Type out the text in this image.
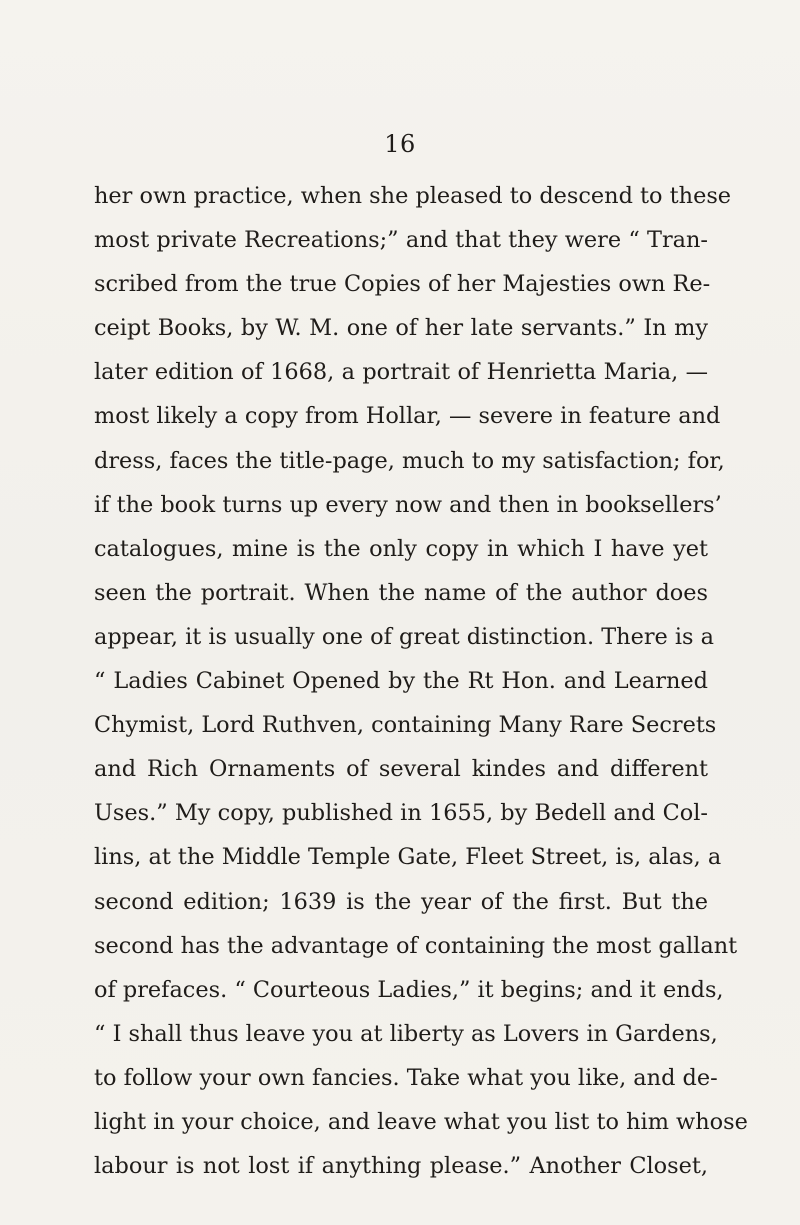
16
her own practice, when she pleased to descend to these
most private Recreations;” and that they were “ Tran-
scribed from the true Copies of her Majesties own Re-
ceipt Books, by W. M. one of her late servants.” In my
later edition of 1668, a portrait of Henrietta Maria, —
most likely a copy from Hollar, — severe in feature and
dress, faces the title-page, much to my satisfaction; for,
if the book turns up every now and then in booksellers’
catalogues, mine is the only copy in which I have yet
seen the portrait. When the name of the author does
appear, it is usually one of great distinction. There is a
“ Ladies Cabinet Opened by the Rt Hon. and Learned
Chymist, Lord Ruthven, containing Many Rare Secrets
and Rich Ornaments of several kindes and different
Uses.” My copy, published in 1655, by Bedell and Col-
lins, at the Middle Temple Gate, Fleet Street, is, alas, a
second edition; 1639 is the year of the first. But the
second has the advantage of containing the most gallant
of prefaces. “ Courteous Ladies,” it begins; and it ends,
“ I shall thus leave you at liberty as Lovers in Gardens,
to follow your own fancies. Take what you like, and de-
light in your choice, and leave what you list to him whose
labour is not lost if anything please.” Another Closet,
